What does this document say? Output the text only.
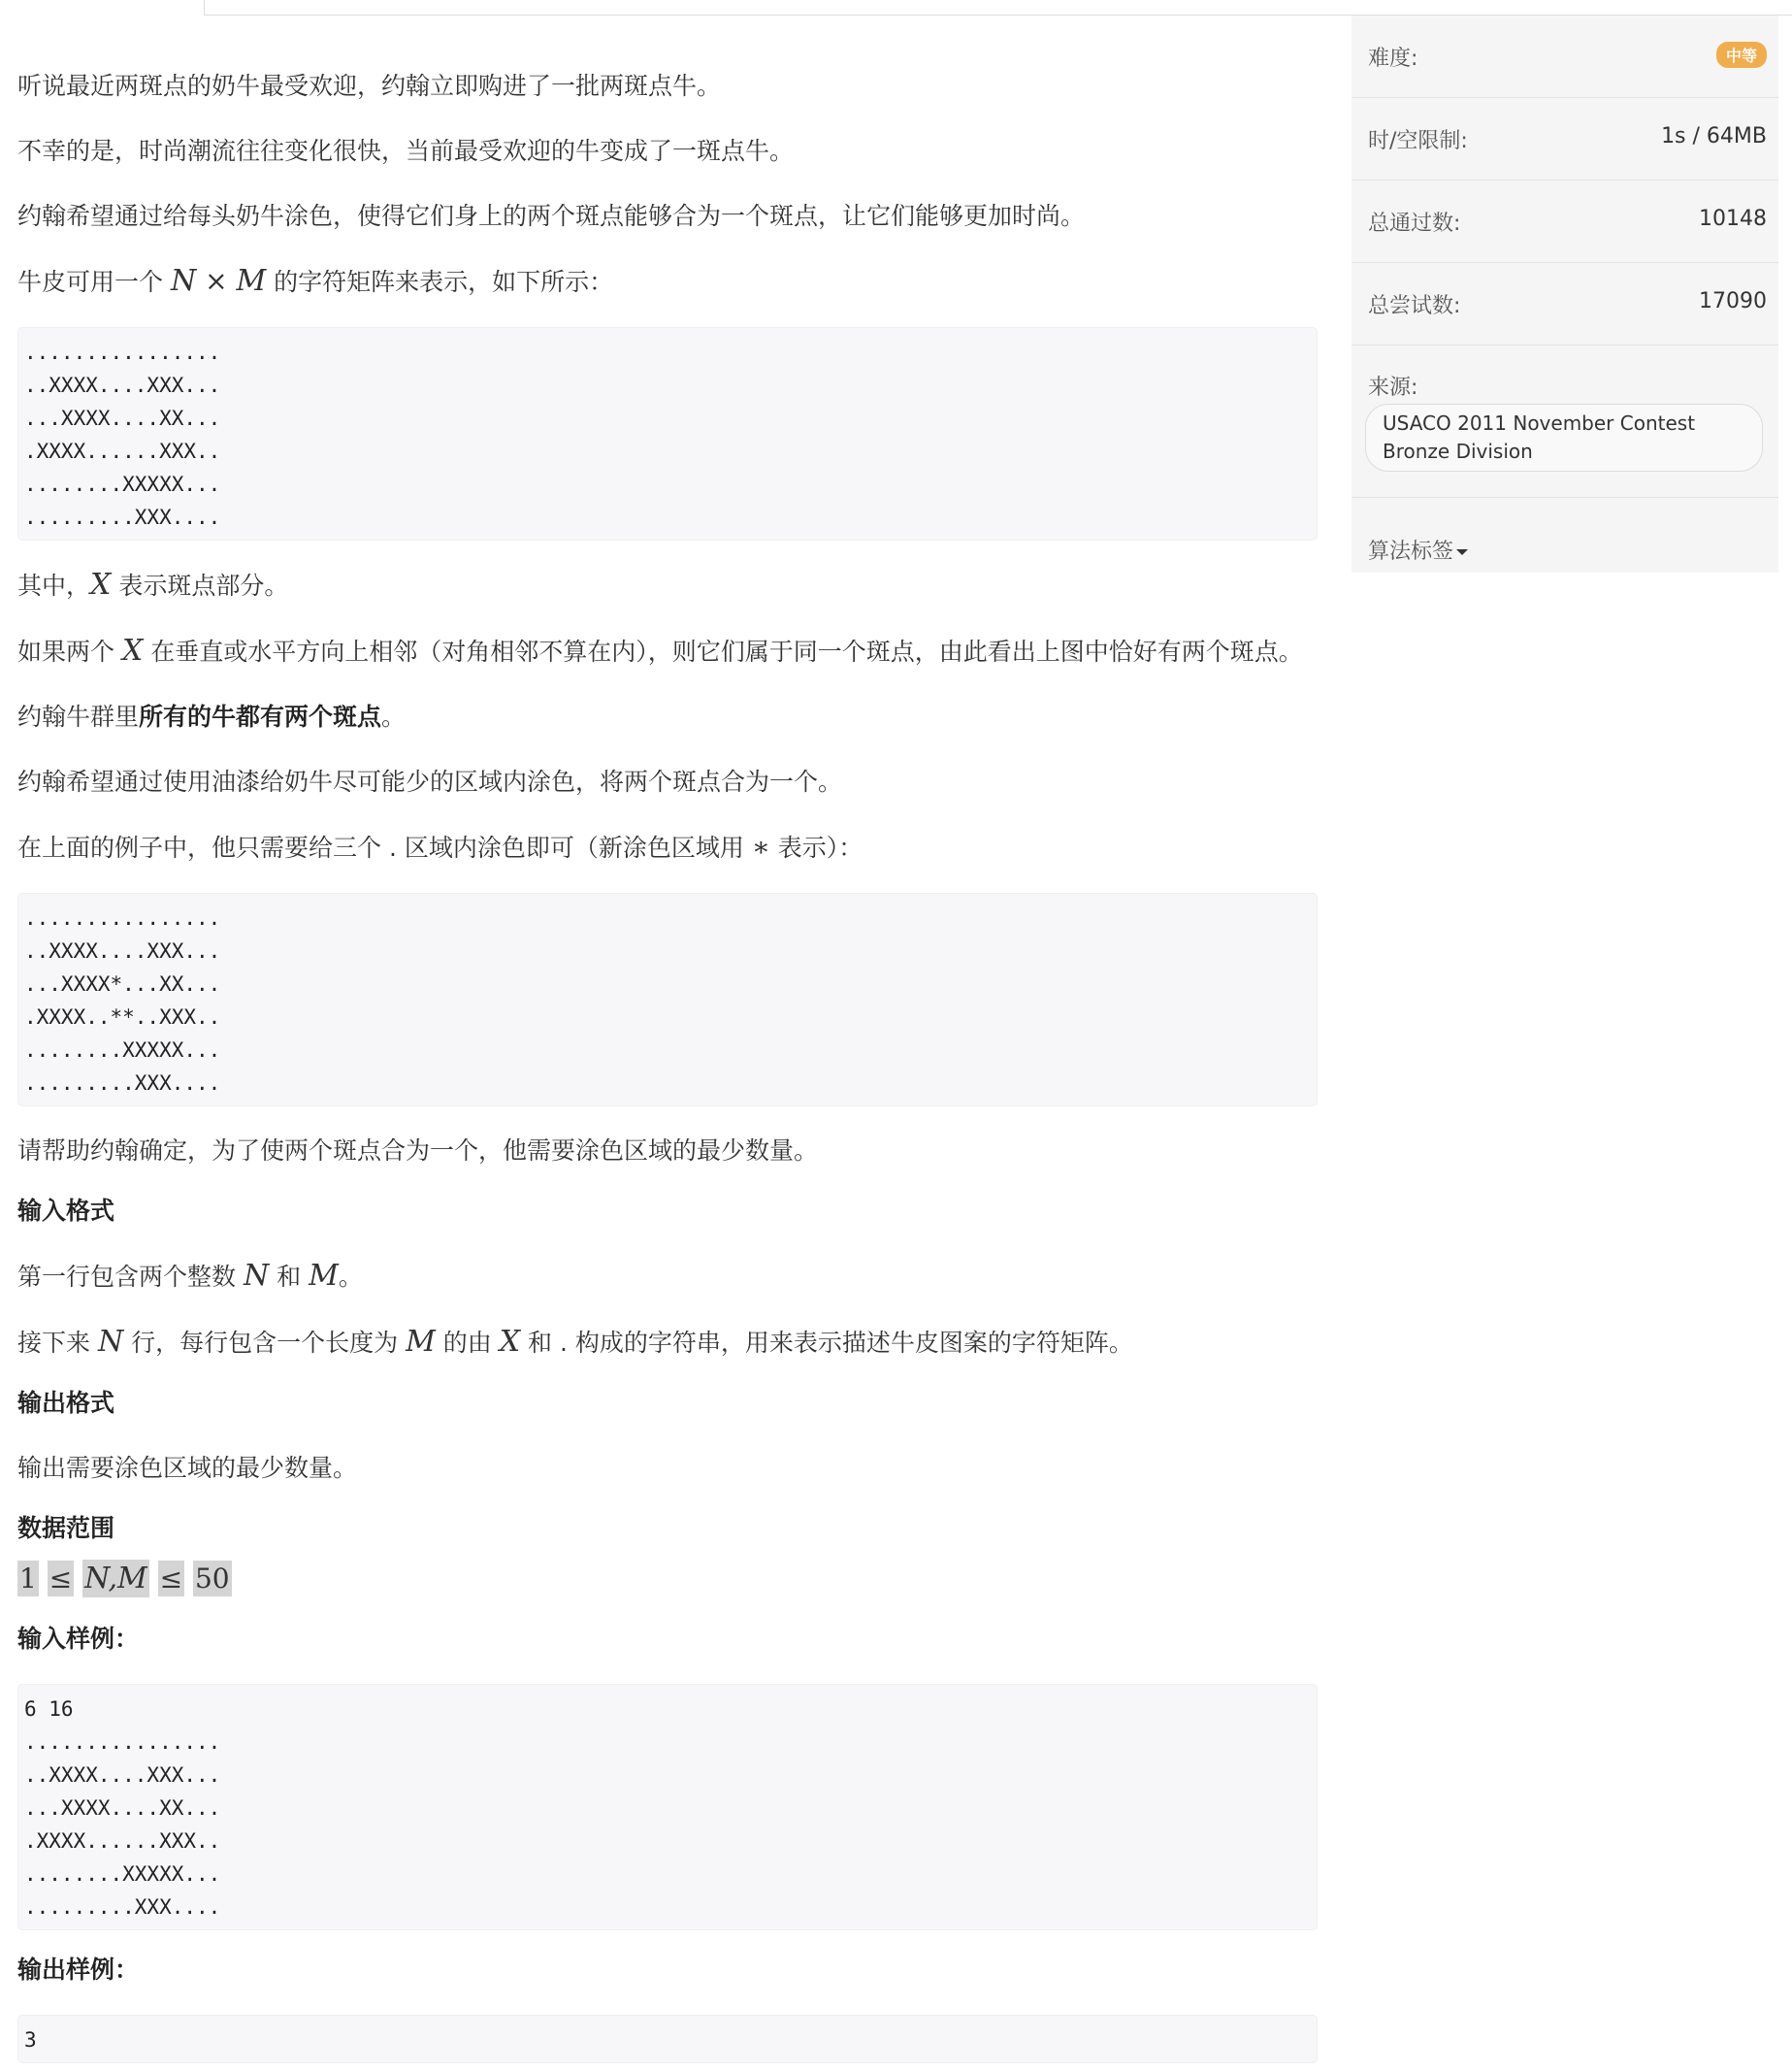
听说最近两斑点的奶牛最受欢迎，约翰立即购进了一批两斑点牛。

不幸的是，时尚潮流往往变化很快，当前最受欢迎的牛变成了一斑点牛。

约翰希望通过给每头奶牛涂色，使得它们身上的两个斑点能够合为一个斑点，让它们能够更加时尚。

牛皮可用一个 N × M 的字符矩阵来表示，如下所示：

................
..XXXX....XXX...
...XXXX....XX...
.XXXX......XXX..
........XXXXX...
.........XXX....

其中，X 表示斑点部分。

如果两个 X 在垂直或水平方向上相邻（对角相邻不算在内），则它们属于同一个斑点，由此看出上图中恰好有两个斑点。

约翰牛群里所有的牛都有两个斑点。

约翰希望通过使用油漆给奶牛尽可能少的区域内涂色，将两个斑点合为一个。

在上面的例子中，他只需要给三个 . 区域内涂色即可（新涂色区域用 ∗ 表示）：

................
..XXXX....XXX...
...XXXX*...XX...
.XXXX..**..XXX..
........XXXXX...
.........XXX....

请帮助约翰确定，为了使两个斑点合为一个，他需要涂色区域的最少数量。

输入格式

第一行包含两个整数 N 和 M。

接下来 N 行，每行包含一个长度为 M 的由 X 和 . 构成的字符串，用来表示描述牛皮图案的字符矩阵。

输出格式

输出需要涂色区域的最少数量。

数据范围

1 ≤ N,M ≤ 50

输入样例：
6 16
................
..XXXX....XXX...
...XXXX....XX...
.XXXX......XXX..
........XXXXX...
.........XXX....
输出样例：
3
难度:	中等
时/空限制:	1s / 64MB
总通过数:	10148
总尝试数:	17090
来源:
USACO 2011 November Contest Bronze Division
算法标签
